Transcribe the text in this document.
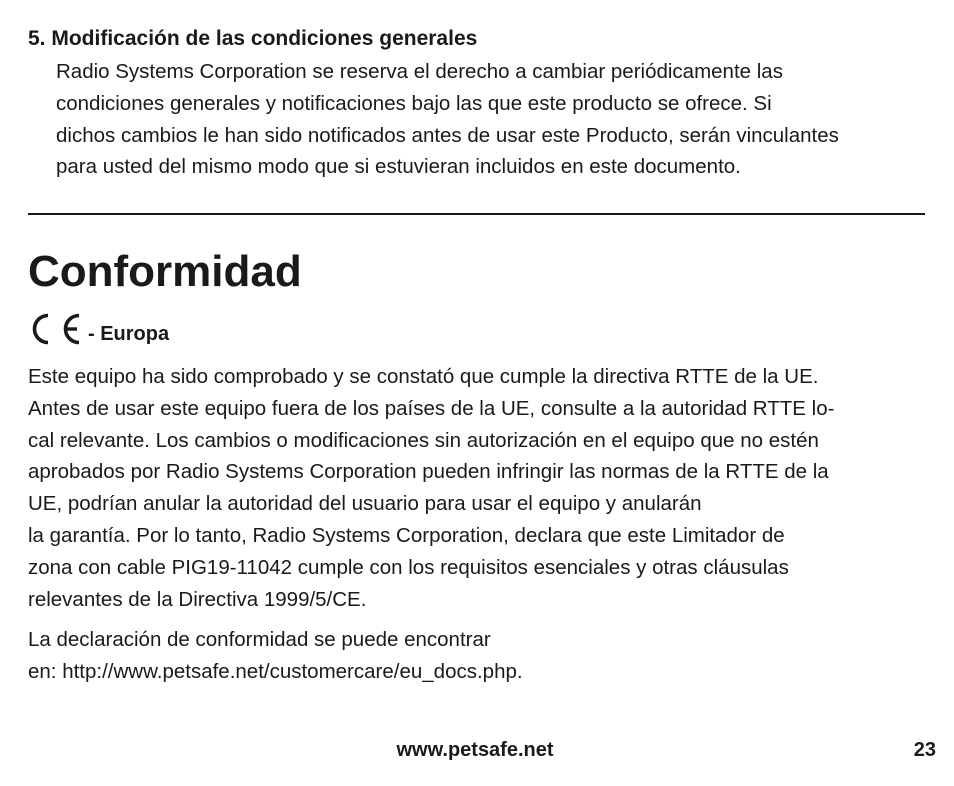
5. Modificación de las condiciones generales
Radio Systems Corporation se reserva el derecho a cambiar periódicamente las
condiciones generales y notificaciones bajo las que este producto se ofrece. Si
dichos cambios le han sido notificados antes de usar este Producto, serán vinculantes
para usted del mismo modo que si estuvieran incluidos en este documento.
Conformidad
- Europa
Este equipo ha sido comprobado y se constató que cumple la directiva RTTE de la UE.
Antes de usar este equipo fuera de los países de la UE, consulte a la autoridad RTTE lo-
cal relevante. Los cambios o modificaciones sin autorización en el equipo que no estén
aprobados por Radio Systems Corporation pueden infringir las normas de la RTTE de la
UE, podrían anular la autoridad del usuario para usar el equipo y anularán
la garantía. Por lo tanto, Radio Systems Corporation, declara que este Limitador de
zona con cable PIG19-11042 cumple con los requisitos esenciales y otras cláusulas
relevantes de la Directiva 1999/5/CE.
La declaración de conformidad se puede encontrar
en: http://www.petsafe.net/customercare/eu_docs.php.
www.petsafe.net	23
